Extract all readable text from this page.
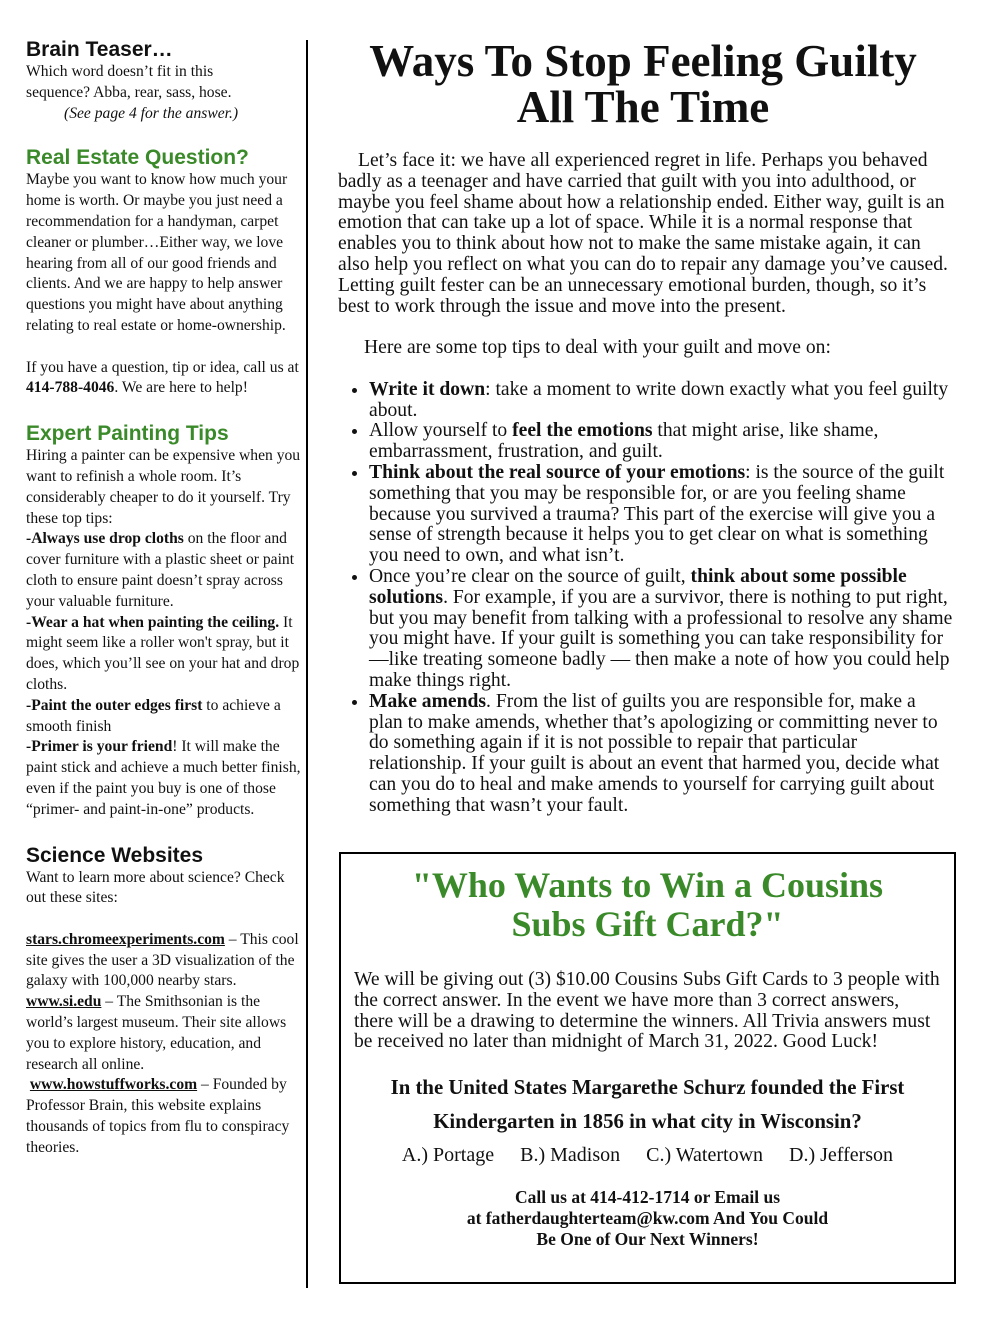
Brain Teaser…

Which word doesn’t fit in this

sequence? Abba, rear, sass, hose.

(See page 4 for the answer.)

Real Estate Question?

Maybe you want to know how much your home is worth. Or maybe you just need a recommendation for a handyman, carpet cleaner or plumber…Either way, we love hearing from all of our good friends and clients. And we are happy to help answer questions you might have about anything relating to real estate or home-ownership.

If you have a question, tip or idea, call us at 414-788-4046. We are here to help!

Expert Painting Tips

Hiring a painter can be expensive when you want to refinish a whole room. It’s considerably cheaper to do it yourself. Try these top tips:

-Always use drop cloths on the floor and cover furniture with a plastic sheet or paint cloth to ensure paint doesn’t spray across your valuable furniture.

-Wear a hat when painting the ceiling. It might seem like a roller won't spray, but it does, which you’ll see on your hat and drop cloths.

-Paint the outer edges first to achieve a smooth finish

-Primer is your friend! It will make the paint stick and achieve a much better finish, even if the paint you buy is one of those “primer- and paint-in-one” products.

Science Websites

Want to learn more about science? Check out these sites:

stars.chromeexperiments.com – This cool site gives the user a 3D visualization of the galaxy with 100,000 nearby stars.

www.si.edu – The Smithsonian is the world’s largest museum. Their site allows you to explore history, education, and research all online.

www.howstuffworks.com – Founded by Professor Brain, this website explains thousands of topics from flu to conspiracy theories.

Ways To Stop Feeling Guilty
All The Time

Let’s face it: we have all experienced regret in life. Perhaps you behaved badly as a teenager and have carried that guilt with you into adulthood, or maybe you feel shame about how a relationship ended. Either way, guilt is an emotion that can take up a lot of space. While it is a normal response that enables you to think about how not to make the same mistake again, it can also help you reflect on what you can do to repair any damage you’ve caused. Letting guilt fester can be an unnecessary emotional burden, though, so it’s best to work through the issue and move into the present.

Here are some top tips to deal with your guilt and move on:

• Write it down: take a moment to write down exactly what you feel guilty about.
• Allow yourself to feel the emotions that might arise, like shame, embarrassment, frustration, and guilt.
• Think about the real source of your emotions: is the source of the guilt something that you may be responsible for, or are you feeling shame because you survived a trauma? This part of the exercise will give you a sense of strength because it helps you to get clear on what is something you need to own, and what isn’t.
• Once you’re clear on the source of guilt, think about some possible solutions. For example, if you are a survivor, there is nothing to put right, but you may benefit from talking with a professional to resolve any shame you might have. If your guilt is something you can take responsibility for —like treating someone badly — then make a note of how you could help make things right.
• Make amends. From the list of guilts you are responsible for, make a plan to make amends, whether that’s apologizing or committing never to do something again if it is not possible to repair that particular relationship. If your guilt is about an event that harmed you, decide what can you do to heal and make amends to yourself for carrying guilt about something that wasn’t your fault.
"Who Wants to Win a Cousins
Subs Gift Card?"

We will be giving out (3) $10.00 Cousins Subs Gift Cards to 3 people with the correct answer. In the event we have more than 3 correct answers, there will be a drawing to determine the winners. All Trivia answers must be received no later than midnight of March 31, 2022. Good Luck!

In the United States Margarethe Schurz founded the First
Kindergarten in 1856 in what city in Wisconsin?

A.) Portage B.) Madison C.) Watertown D.) Jefferson

Call us at 414-412-1714 or Email us
at fatherdaughterteam@kw.com And You Could
Be One of Our Next Winners!
